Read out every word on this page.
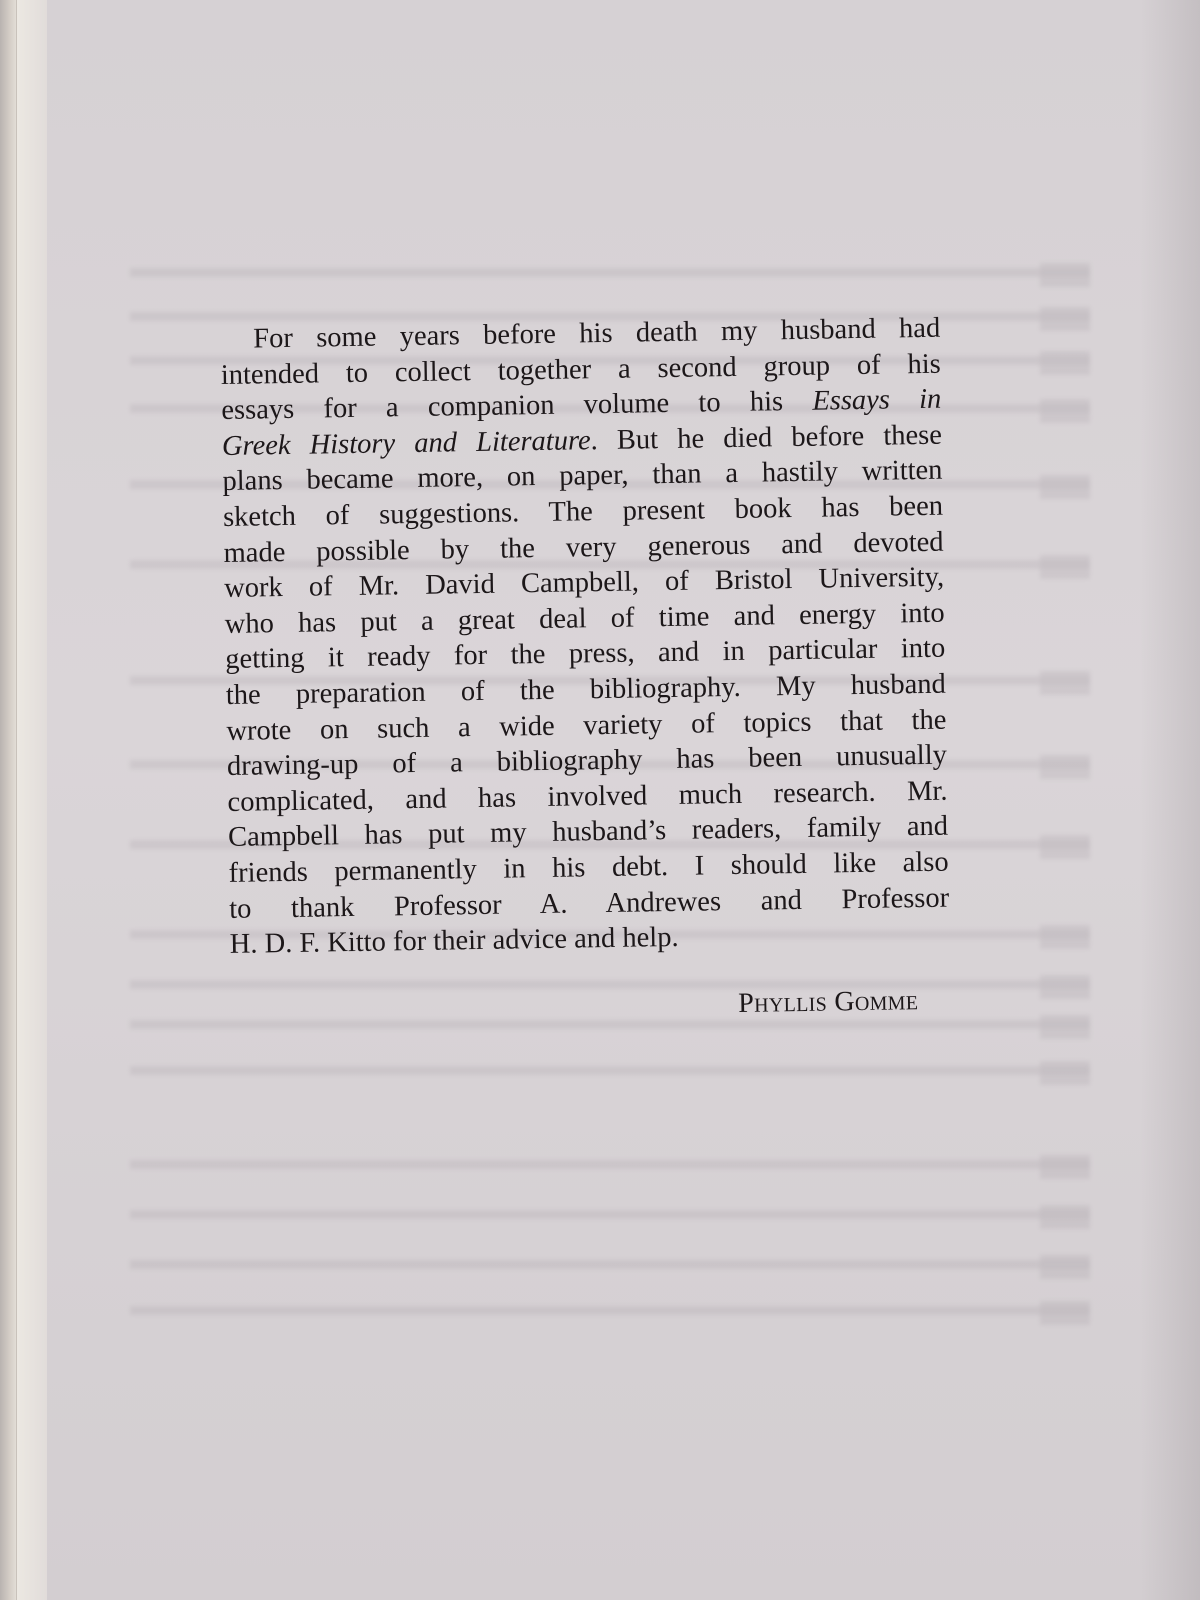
For some years before his death my husband had
intended to collect together a second group of his
essays for a companion volume to his Essays in
Greek History and Literature. But he died before these
plans became more, on paper, than a hastily written
sketch of suggestions. The present book has been
made possible by the very generous and devoted
work of Mr. David Campbell, of Bristol University,
who has put a great deal of time and energy into
getting it ready for the press, and in particular into
the preparation of the bibliography. My husband
wrote on such a wide variety of topics that the
drawing-up of a bibliography has been unusually
complicated, and has involved much research. Mr.
Campbell has put my husband’s readers, family and
friends permanently in his debt. I should like also
to thank Professor A. Andrewes and Professor
H. D. F. Kitto for their advice and help.
Phyllis Gomme
